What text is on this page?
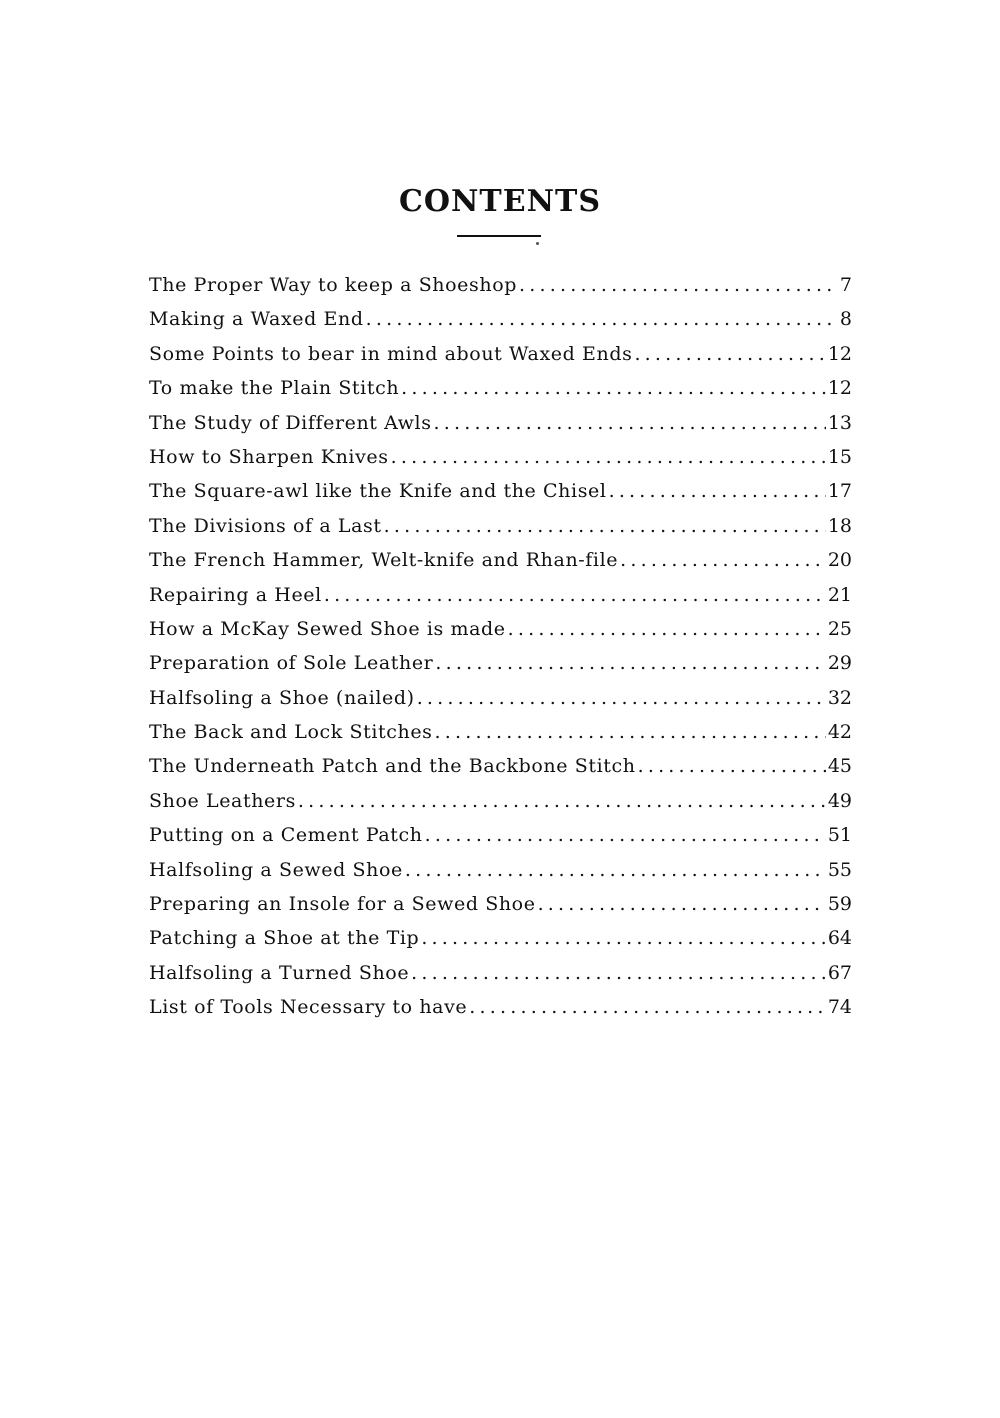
CONTENTS
The Proper Way to keep a Shoeshop .....	7
Making a Waxed End .....	8
Some Points to bear in mind about Waxed Ends .....	12
To make the Plain Stitch .....	12
The Study of Different Awls .....	13
How to Sharpen Knives .....	15
The Square-awl like the Knife and the Chisel .....	17
The Divisions of a Last .....	18
The French Hammer, Welt-knife and Rhan-file .....	20
Repairing a Heel .....	21
How a McKay Sewed Shoe is made .....	25
Preparation of Sole Leather .....	29
Halfsoling a Shoe (nailed) .....	32
The Back and Lock Stitches .....	42
The Underneath Patch and the Backbone Stitch .....	45
Shoe Leathers .....	49
Putting on a Cement Patch .....	51
Halfsoling a Sewed Shoe .....	55
Preparing an Insole for a Sewed Shoe .....	59
Patching a Shoe at the Tip .....	64
Halfsoling a Turned Shoe .....	67
List of Tools Necessary to have .....	74
